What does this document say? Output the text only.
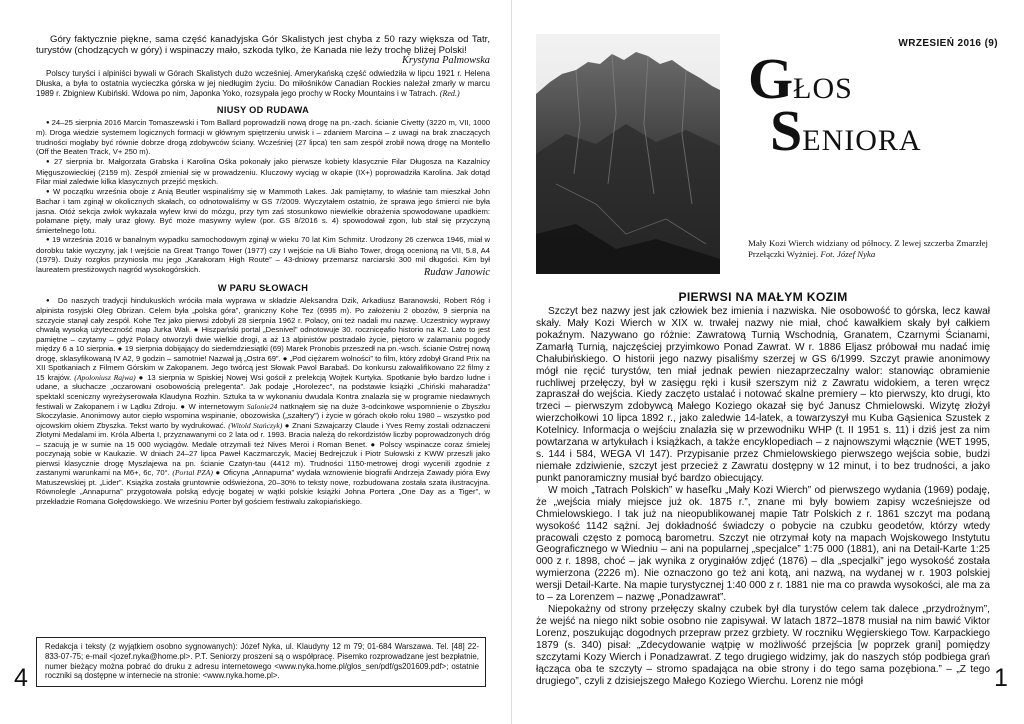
Góry faktycznie piękne, sama część kanadyjska Gór Skalistych jest chyba z 50 razy większa od Tatr, turystów (chodzących w góry) i wspinaczy mało, szkoda tylko, że Kanada nie leży trochę bliżej Polski!

Krystyna Palmowska

Polscy turyści i alpiniści bywali w Górach Skalistych dużo wcześniej. Amerykańską część odwiedziła w lipcu 1921 r. Helena Dłuska, a była to ostatnia wycieczka górska w jej niedługim życiu. Do miłośników Canadian Rockies należał zmarły w marcu 1989 r. Zbigniew Kubiński. Wdowa po nim, Japonka Yoko, rozsypała jego prochy w Rocky Mountains i w Tatrach. (Red.)

NIUSY OD RUDAWA

● 24–25 sierpnia 2016 Marcin Tomaszewski i Tom Ballard poprowadzili nową drogę na pn.-zach. ścianie Civetty (3220 m, VII, 1000 m). Droga wiedzie systemem logicznych formacji w głównym spiętrzeniu urwisk i – zdaniem Marcina – z uwagi na brak znaczących trudności mogłaby być równie dobrze drogą zdobywców ściany. Wcześniej (27 lipca) ten sam zespół zrobił nową drogę na Montello (Off the Beaten Track, V+ 250 m).

● 27 sierpnia br. Małgorzata Grabska i Karolina Ośka pokonały jako pierwsze kobiety klasycznie Filar Długosza na Kazalnicy Mięguszowieckiej (2159 m). Zespół zmieniał się w prowadzeniu. Kluczowy wyciąg w okapie (IX+) poprowadziła Karolina. Jak dotąd Filar miał zaledwie kilka klasycznych przejść męskich.

● W początku września oboje z Anią Beutler wspinaliśmy się w Mammoth Lakes. Jak pamiętamy, to właśnie tam mieszkał John Bachar i tam zginął w okolicznych skałach, co odnotowaliśmy w GS 7/2009. Wyczytałem ostatnio, że sprawa jego śmierci nie była jasna. Otóż sekcja zwłok wykazała wylew krwi do mózgu, przy tym zaś stosunkowo niewielkie obrażenia spowodowane upadkiem: połamane pięty, mały uraz głowy. Być może masywny wylew (por. GS 8/2016 s. 4) spowodował zgon, lub stał się przyczyną śmiertelnego lotu.

● 19 września 2016 w banalnym wypadku samochodowym zginął w wieku 70 lat Kim Schmitz. Urodzony 26 czerwca 1946, miał w dorobku takie wyczyny, jak I wejście na Great Trango Tower (1977) czy I wejście na Uli Biaho Tower, drogą ocenioną na VII, 5.8, A4 (1979). Duży rozgłos przyniosła mu jego „Karakoram High Route” – 43-dniowy przemarsz narciarski 300 mil długości. Kim był laureatem prestiżowych nagród wysokogórskich.	Rudaw Janowic
W PARU SŁOWACH

● Do naszych tradycji hindukuskich wróciła mała wyprawa w składzie Aleksandra Dzik, Arkadiusz Baranowski, Robert Róg i alpinista rosyjski Oleg Obrizan. Celem była „polska góra”, graniczny Kohe Tez (6995 m). Po założeniu 2 obozów, 9 sierpnia na szczycie stanął cały zespół. Kohe Tez jako pierwsi zdobyli 28 sierpnia 1962 r. Polacy, oni też nadali mu nazwę. Uczestnicy wyprawy chwalą wysoką użyteczność map Jurka Wali. ● Hiszpański portal „Desnivel” odnotowuje 30. rocznicęafio historio na K2. Lato to jest pamiętne – czytamy – gdyż Polacy otworzyli dwie wielkie drogi, a aż 13 alpinistów postradało życie, piętoro w zalamaniu pogody między 6 a 10 sierpnia. ● 19 sierpnia dobijający do siedemdziesiątki (69) Marek Pronobis przeszedł na pn.-wsch. ścianie Ostrej nową drogę, sklasyfikowaną IV A2, 9 godzin – samotnie! Nazwał ją „Ostra 69”. ● „Pod ciężarem wolności” to film, który zdobył Grand Prix na XII Spotkaniach z Filmem Górskim w Zakopanem. Jego twórcą jest Słowak Pavol Barabaš. Do konkursu zakwalifikowano 22 filmy z 15 krajów. (Apoloniusz Rajwa) ● 13 sierpnia w Spiskiej Nowej Wsi gościł z prelekcją Wojtek Kurtyka. Spotkanie było bardzo ludne i udane, a słuchacze „oczarowani osobowością prelegenta”. Jak podaje „Horolezec”, na podstawie książki „Chiński maharadża” spektakl sceniczny wyreżyserowała Klaudyna Rozhin. Sztuka ta w wykonaniu dwudala Kontra znalazła się w programie niedawnych festiwali w Zakopanem i w Lądku Zdroju. ● W internetowym Salonie24 natknąłem się na duże 3-odcinkowe wspomnienie o Zbyszku Skoczylasie. Anonimowy autor ciepło wspomina wspinanie, obozowiska („szałtery”) i życie w górach około roku 1980 – wszystko pod ojcowskim okiem Zbyszka. Tekst warto by wydrukować. (Witold Stańczyk) ● Znani Szwajcarzy Claude i Yves Remy zostali odznaczeni Złotymi Medalami im. Króla Alberta I, przyznawanymi co 2 lata od r. 1993. Bracia należą do rekordzistów liczby poprowadzonych dróg – szacują je w sumie na 15 000 wyciągów. Medale otrzymali też Nives Meroi i Roman Benet. ● Polscy wspinacze coraz śmielej poczynają sobie w Kaukazie. W dniach 24–27 lipca Paweł Kaczmarczyk, Maciej Bedrejczuk i Piotr Sułowski z KWW przeszli jako pierwsi klasycznie drogę Myszlajewa na pn. ścianie Czatyn-tau (4412 m). Trudności 1150-metrowej drogi wycenili zgodnie z zastanymi warunkami na M6+, 6c, 70°. (Portal PZA) ● Oficyna „Annapurna” wydała wznowienie biografii Andrzeja Zawady pióra Ewy Matuszewskiej pt. „Lider”. Książka została gruntownie odświeżona, 20–30% to teksty nowe, rozbudowana została szata ilustracyjna. Równolegle „Annapurna” przygotowała polską edycję bogatej w wątki polskie książki Johna Portera „One Day as a Tiger”, w przekładzie Romana Gołędowskiego. We wrześniu Porter był gościem festiwalu zakopiańskiego.

Redakcja i teksty (z wyjątkiem osobno sygnowanych): Józef Nyka, ul. Klaudyny 12 m 79; 01-684 Warszawa. Tel. [48] 22-833-07-75; e-mail <jozef.nyka@home.pl>. P.T. Seniorzy proszeni są o współpracę. Pisemko rozprowadzane jest bezpłatnie, numer bieżący można pobrać do druku z adresu internetowego <www.nyka.home.pl/glos_sen/pdf/gs201609.pdf>; ostatnie roczniki są dostępne w internecie na stronie: <www.nyka.home.pl>.
4
WRZESIEŃ 2016 (9)
GŁOS
SENIORA
Mały Kozi Wierch widziany od północy. Z lewej szczerba Zmarzłej Przełączki Wyżniej. Fot. Józef Nyka
PIERWSI NA MAŁYM KOZIM

Szczyt bez nazwy jest jak człowiek bez imienia i nazwiska. Nie osobowość to górska, lecz kawał skały. Mały Kozi Wierch w XIX w. trwałej nazwy nie miał, choć kawałkiem skały był całkiem pokaźnym. Nazywano go różnie: Zawratową Turnią Wschodnią, Granatem, Czarnymi Ścianami, Zamarłą Turnią, najczęściej przyimkowo Ponad Zawrat. W r. 1886 Eljasz próbował mu nadać imię Chałubińskiego. O historii jego nazwy pisaliśmy szerzej w GS 6/1999. Szczyt prawie anonimowy mógł nie ręcić turystów, ten miał jednak pewien niezaprzeczalny walor: stanowiąc obramienie ruchliwej przełęczy, był w zasięgu ręki i kusił szerszym niż z Zawratu widokiem, a teren wręcz zapraszał do wejścia. Kiedy zaczęto ustalać i notować skalne premiery – kto pierwszy, kto drugi, kto trzeci – pierwszym zdobywcą Małego Koziego okazał się być Janusz Chmielowski. Wizytę złożył wierzchołkowi 10 lipca 1892 r., jako zaledwie 14-latek, a towarzyszył mu Kuba Gąsienica Szustek z Kotelnicy. Informacja o wejściu znalazła się w przewodniku WHP (t. II 1951 s. 11) i dziś jest za nim powtarzana w artykułach i książkach, a także encyklopediach – z najnowszymi włącznie (WET 1995, s. 144 i 584, WEGA VI 147). Przypisanie przez Chmielowskiego pierwszego wejścia sobie, budzi niemałe zdziwienie, szczyt jest przecież z Zawratu dostępny w 12 minut, i to bez trudności, a jako punkt panoramiczny musiał być bardzo obiecujący.

W moich „Tatrach Polskich” w haseľku „Mały Kozi Wierch” od pierwszego wydania (1969) podaję, że „wejścia miały miejsce już ok. 1875 r.”, znane mi były bowiem zapisy wcześniejsze od Chmielowskiego. I tak już na nieopublikowanej mapie Tatr Polskich z r. 1861 szczyt ma podaną wysokość 1142 sążni. Jej dokładność świadczy o pobycie na czubku geodetów, którzy wtedy pracowali często z pomocą barometru. Szczyt nie otrzymał koty na mapach Wojskowego Instytutu Geograficznego w Wiedniu – ani na popularnej „specjalce” 1:75 000 (1881), ani na Detail-Karte 1:25 000 z r. 1898, choć – jak wynika z oryginałów zdjęć (1876) – dla „specjalki” jego wysokość została wymierzona (2226 m). Nie oznaczono go też ani kotą, ani nazwą, na wydanej w r. 1903 polskiej wersji Detail-Karte. Na mapie turystycznej 1:40 000 z r. 1881 nie ma co prawda wysokości, ale ma za to – za Lorenzem – nazwę „Ponadzawrat”.

Niepokażny od strony przełęczy skalny czubek był dla turystów celem tak dalece „przydrożnym”, że wejść na niego nikt sobie osobno nie zapisywał. W latach 1872–1878 musiał na nim bawić Viktor Lorenz, poszukując dogodnych przepraw przez grzbiety. W roczniku Węgierskiego Tow. Karpackiego 1879 (s. 340) pisał: „Zdecydowanie wątpię w możliwość przejścia [w poprzek grani] pomiędzy szczytami Kozy Wierch i Ponadzawrat. Z tego drugiego widzimy, jak do naszych stóp podbiega grań łącząca oba te szczyty – stromo spadająca na obie strony i do tego sama pozębiona.” – „Z tego drugiego”, czyli z dzisiejszego Małego Koziego Wierchu. Lorenz nie mógł	1
